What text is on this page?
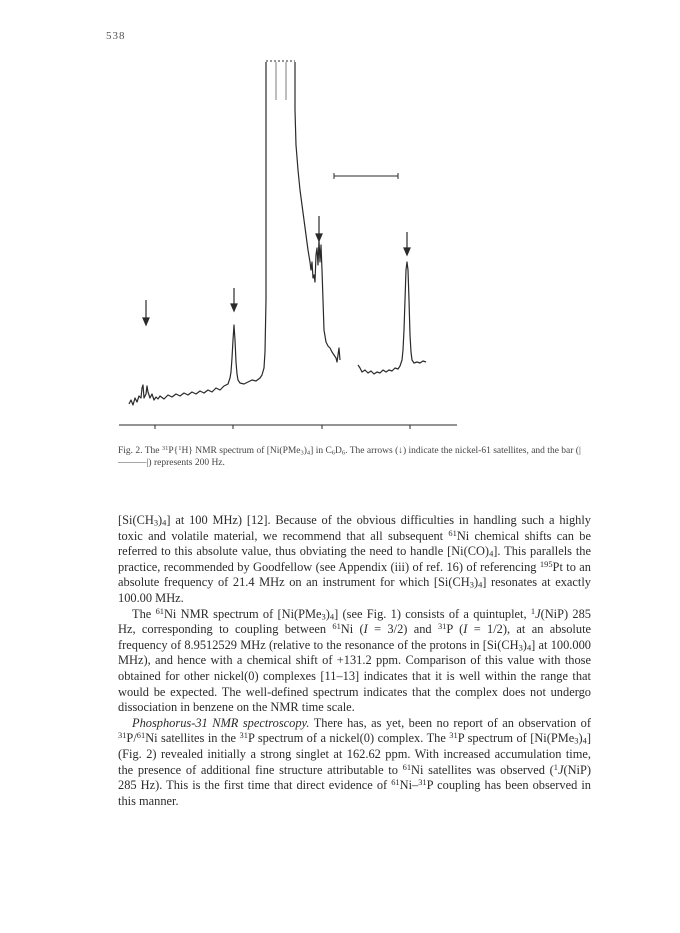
538
Fig. 2. The $^{31}$P{$^1$H} NMR spectrum of $[Ni(PMe_3)_4]$ in $C_6D_6$. The arrows (↓) indicate the nickel-61 satellites, and the bar (|———|) represents 200 Hz.

$[Si(CH_3)_4]$ at 100 MHz) [12]. Because of the obvious difficulties in handling such a highly toxic and volatile material, we recommend that all subsequent $^{61}$Ni chemical shifts can be referred to this absolute value, thus obviating the need to handle $[Ni(CO)_4]$. This parallels the practice, recommended by Goodfellow (see Appendix (iii) of ref. 16) of referencing $^{195}$Pt to an absolute frequency of 21.4 MHz on an instrument for which $[Si(CH_3)_4]$ resonates at exactly 100.00 MHz.

The $^{61}$Ni NMR spectrum of $[Ni(PMe_3)_4]$ (see Fig. 1) consists of a quintuplet, $^1$J(NiP) 285 Hz, corresponding to coupling between $^{61}$Ni (I = 3/2) and $^{31}$P (I = 1/2), at an absolute frequency of 8.9512529 MHz (relative to the resonance of the protons in $[Si(CH_3)_4]$ at 100.000 MHz), and hence with a chemical shift of +131.2 ppm. Comparison of this value with those obtained for other nickel(0) complexes [11–13] indicates that it is well within the range that would be expected. The well-defined spectrum indicates that the complex does not undergo dissociation in benzene on the NMR time scale.

Phosphorus-31 NMR spectroscopy. There has, as yet, been no report of an observation of $^{31}$P/$^{61}$Ni satellites in the $^{31}$P spectrum of a nickel(0) complex. The $^{31}$P spectrum of $[Ni(PMe_3)_4]$ (Fig. 2) revealed initially a strong singlet at 162.62 ppm. With increased accumulation time, the presence of additional fine structure attributable to $^{61}$Ni satellites was observed ($^1$J(NiP) 285 Hz). This is the first time that direct evidence of $^{61}$Ni–$^{31}$P coupling has been observed in this manner.
